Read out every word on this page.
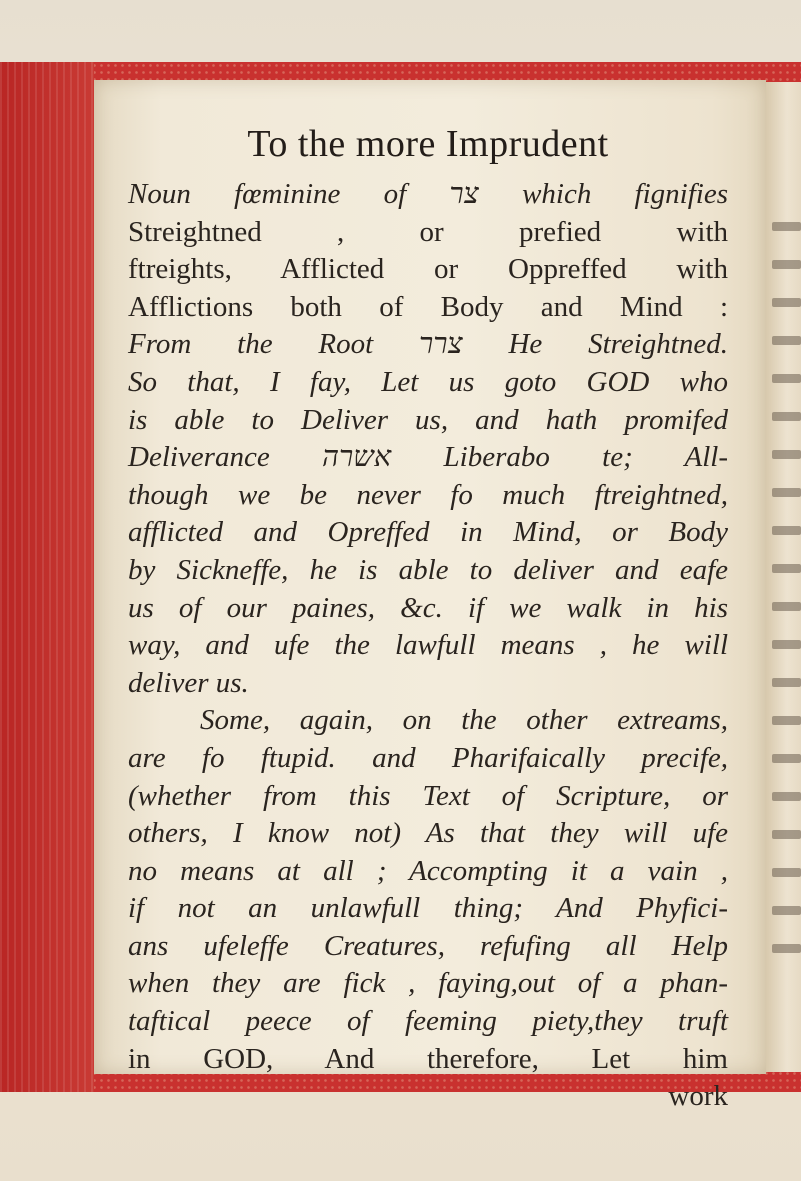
To the more Imprudent

Noun fœminine of צר which fignifies

Streightned , or prefied with

ftreights, Afflicted or Oppreffed with

Afflictions both of Body and Mind :

From the Root צרר He Streightned.

So that, I fay, Let us goto GOD who

is able to Deliver us, and hath promifed

Deliverance אשרה Liberabo te; All-

though we be never fo much ftreightned,

afflicted and Opreffed in Mind, or Body

by Sickneffe, he is able to deliver and eafe

us of our paines, &c. if we walk in his

way, and ufe the lawfull means , he will

deliver us.

Some, again, on the other extreams,

are fo ftupid. and Pharifaically precife,

(whether from this Text of Scripture, or

others, I know not) As that they will ufe

no means at all ; Accompting it a vain ,

if not an unlawfull thing; And Phyfici-

ans ufeleffe Creatures, refufing all Help

when they are fick , faying,out of a phan-

taftical peece of feeming piety,they truft

in GOD, And therefore, Let him

work
